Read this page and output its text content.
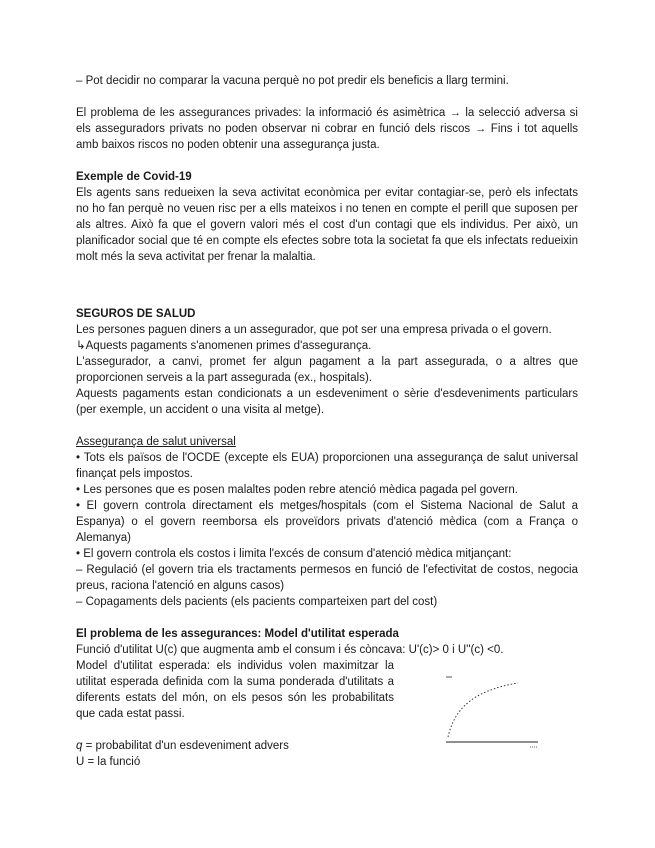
– Pot decidir no comparar la vacuna perquè no pot predir els beneficis a llarg termini.

El problema de les assegurances privades: la informació és asimètrica → la selecció adversa si els asseguradors privats no poden observar ni cobrar en funció dels riscos → Fins i tot aquells amb baixos riscos no poden obtenir una assegurança justa.

Exemple de Covid-19

Els agents sans redueixen la seva activitat econòmica per evitar contagiar-se, però els infectats no ho fan perquè no veuen risc per a ells mateixos i no tenen en compte el perill que suposen per als altres. Això fa que el govern valori més el cost d'un contagi que els individus. Per això, un planificador social que té en compte els efectes sobre tota la societat fa que els infectats redueixin molt més la seva activitat per frenar la malaltia.

SEGUROS DE SALUD

Les persones paguen diners a un assegurador, que pot ser una empresa privada o el govern.

↳Aquests pagaments s'anomenen primes d'assegurança.

L'assegurador, a canvi, promet fer algun pagament a la part assegurada, o a altres que proporcionen serveis a la part assegurada (ex., hospitals).

Aquests pagaments estan condicionats a un esdeveniment o sèrie d'esdeveniments particulars (per exemple, un accident o una visita al metge).

Assegurança de salut universal

• Tots els països de l'OCDE (excepte els EUA) proporcionen una assegurança de salut universal finançat pels impostos.

• Les persones que es posen malaltes poden rebre atenció mèdica pagada pel govern.

• El govern controla directament els metges/hospitals (com el Sistema Nacional de Salut a Espanya) o el govern reemborsa els proveïdors privats d'atenció mèdica (com a França o Alemanya)

• El govern controla els costos i limita l'excés de consum d'atenció mèdica mitjançant:

– Regulació (el govern tria els tractaments permesos en funció de l'efectivitat de costos, negocia preus, raciona l'atenció en alguns casos)

– Copagaments dels pacients (els pacients comparteixen part del cost)

El problema de les assegurances: Model d'utilitat esperada

Funció d'utilitat U(c) que augmenta amb el consum i és còncava: U'(c)> 0 i U''(c) <0.

Model d'utilitat esperada: els individus volen maximitzar la utilitat esperada definida com la suma ponderada d'utilitats a diferents estats del món, on els pesos són les probabilitats que cada estat passi.

q = probabilitat d'un esdeveniment advers

U = la funció
